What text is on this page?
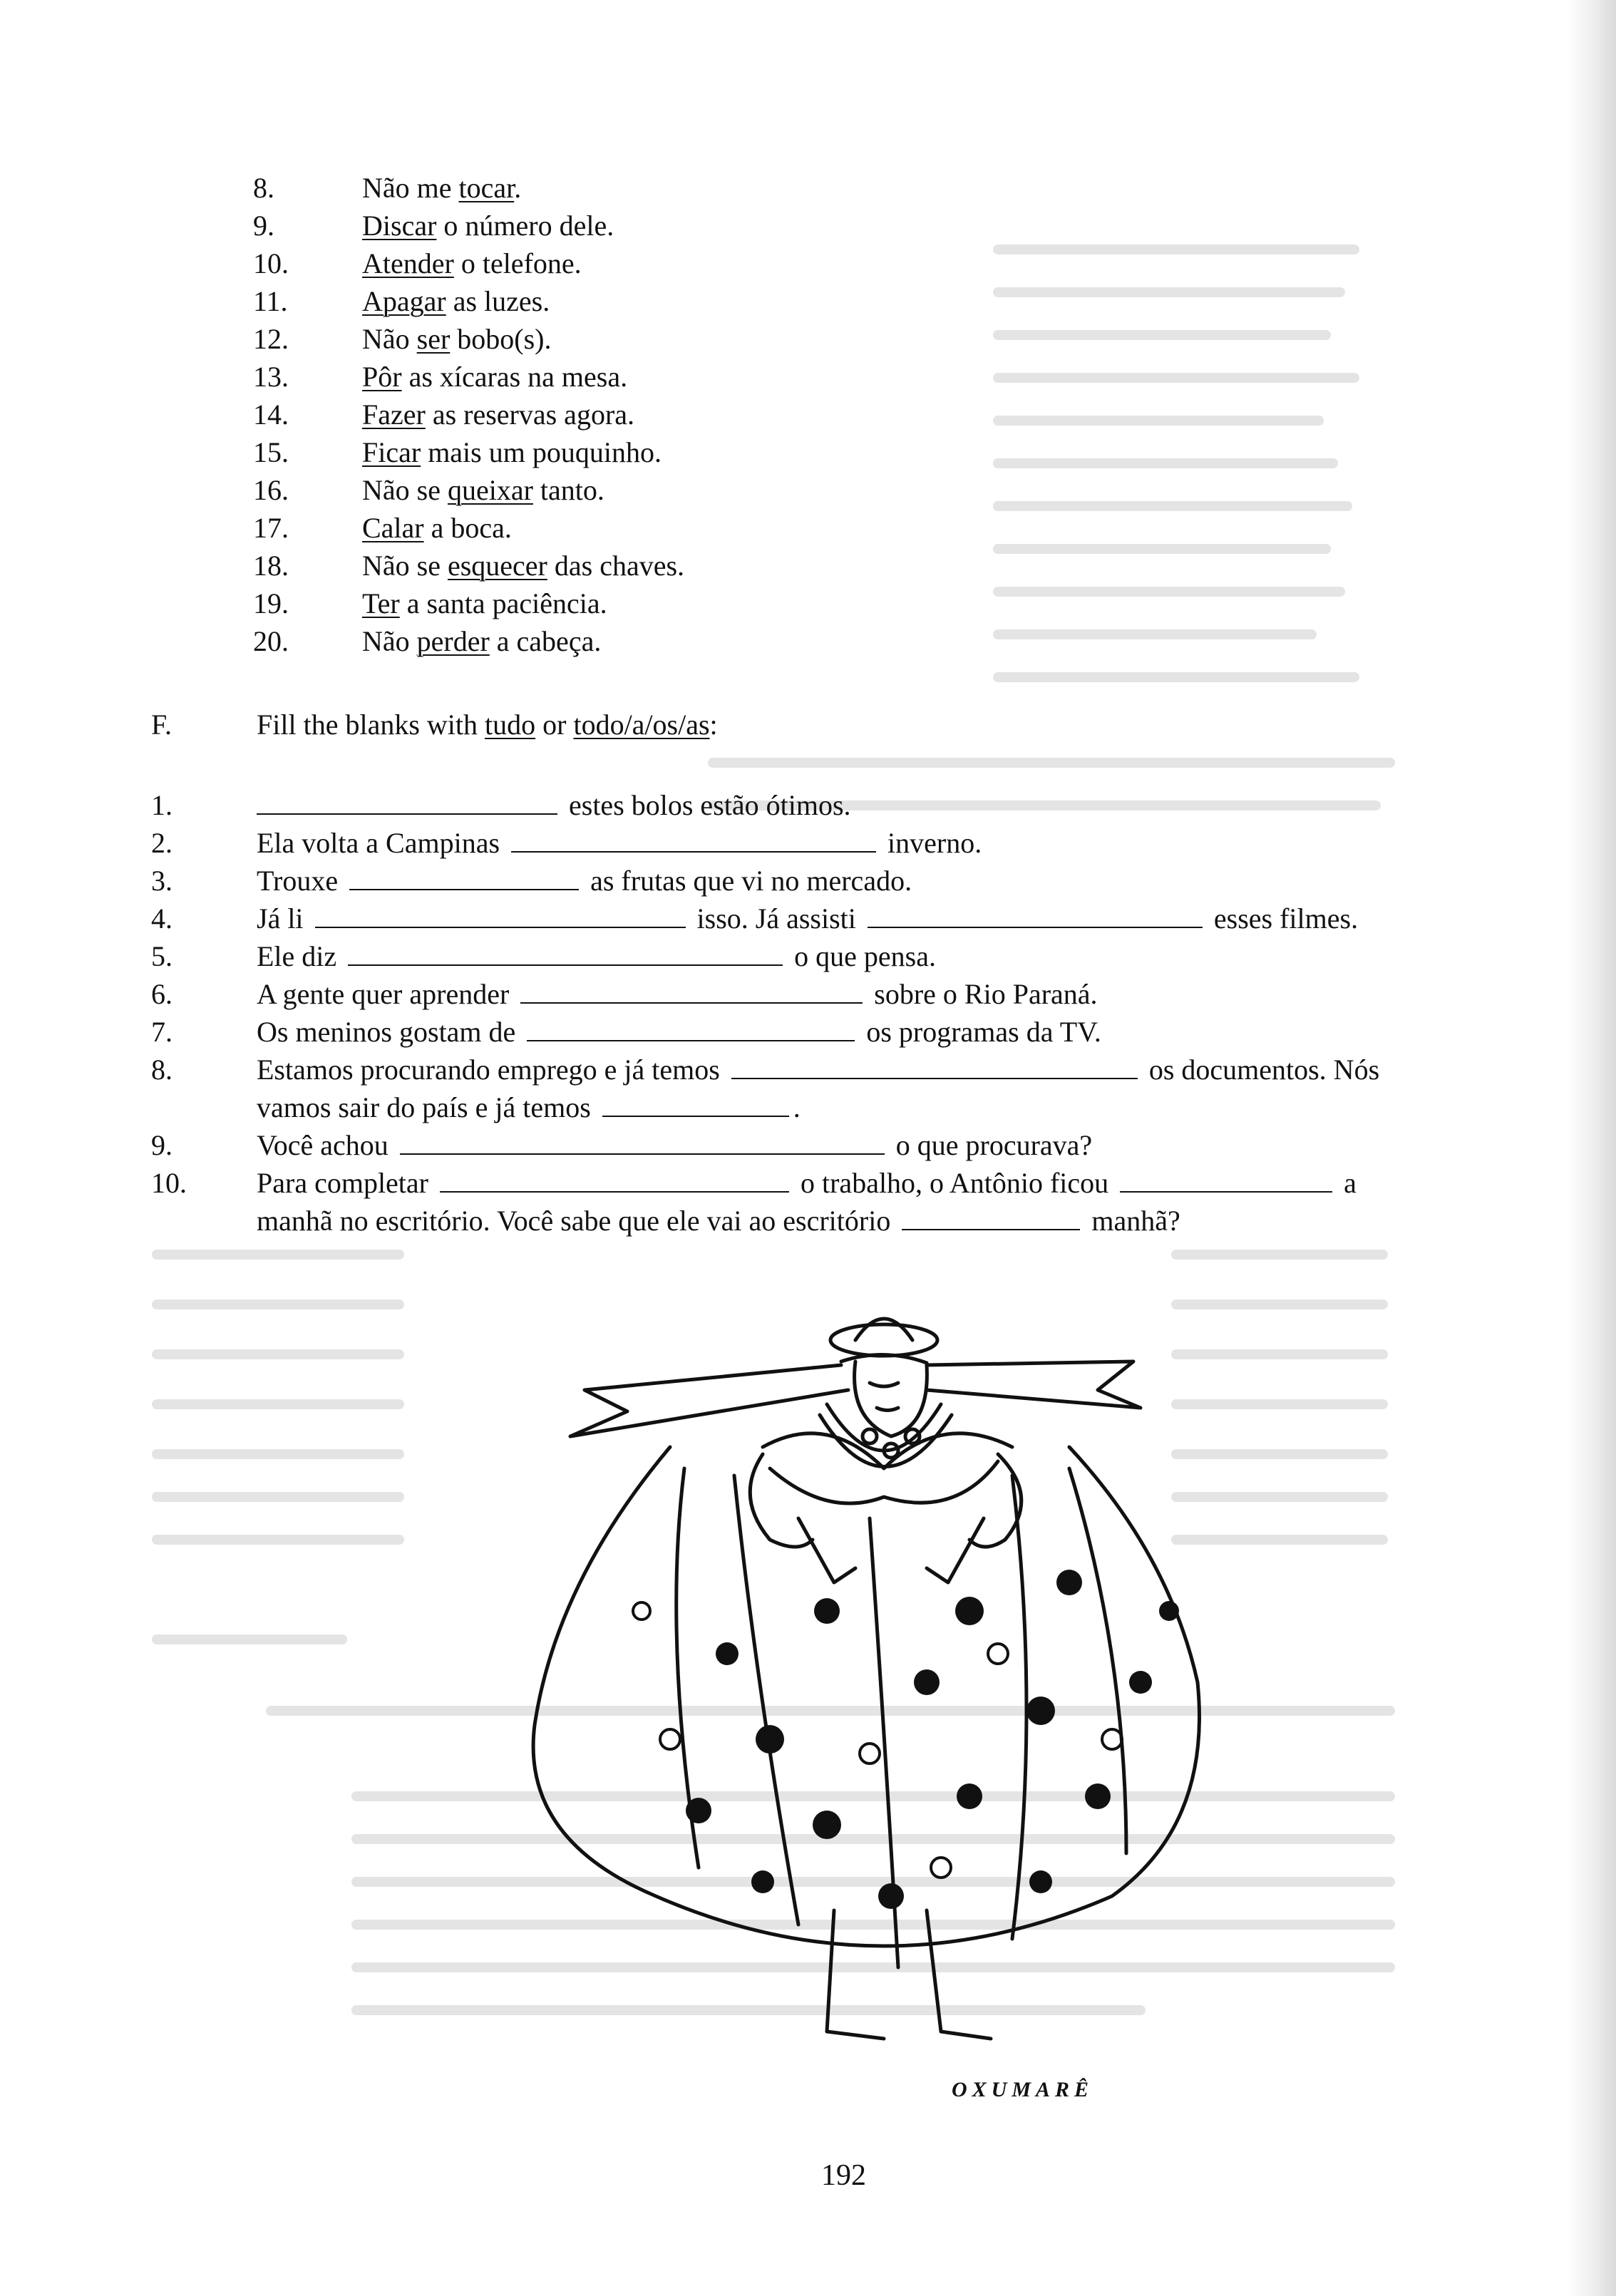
8.	Não me tocar.
9.	Discar o número dele.
10.	Atender o telefone.
11.	Apagar as luzes.
12.	Não ser bobo(s).
13.	Pôr as xícaras na mesa.
14.	Fazer as reservas agora.
15.	Ficar mais um pouquinho.
16.	Não se queixar tanto.
17.	Calar a boca.
18.	Não se esquecer das chaves.
19.	Ter a santa paciência.
20.	Não perder a cabeça.
F.	Fill the blanks with tudo or todo/a/os/as:
1.	estes bolos estão ótimos.
2.	Ela volta a Campinas	inverno.
3.	Trouxe	as frutas que vi no mercado.
4.	Já li	isso. Já assisti	esses filmes.
5.	Ele diz	o que pensa.
6.	A gente quer aprender	sobre o Rio Paraná.
7.	Os meninos gostam de	os programas da TV.
8.	Estamos procurando emprego e já temos	os documentos. Nós
vamos sair do país e já temos	.
9.	Você achou	o que procurava?
10. Para completar	o trabalho, o Antônio ficou	a
manhã no escritório. Você sabe que ele vai ao escritório	manhã?
OXUMARÊ
192
